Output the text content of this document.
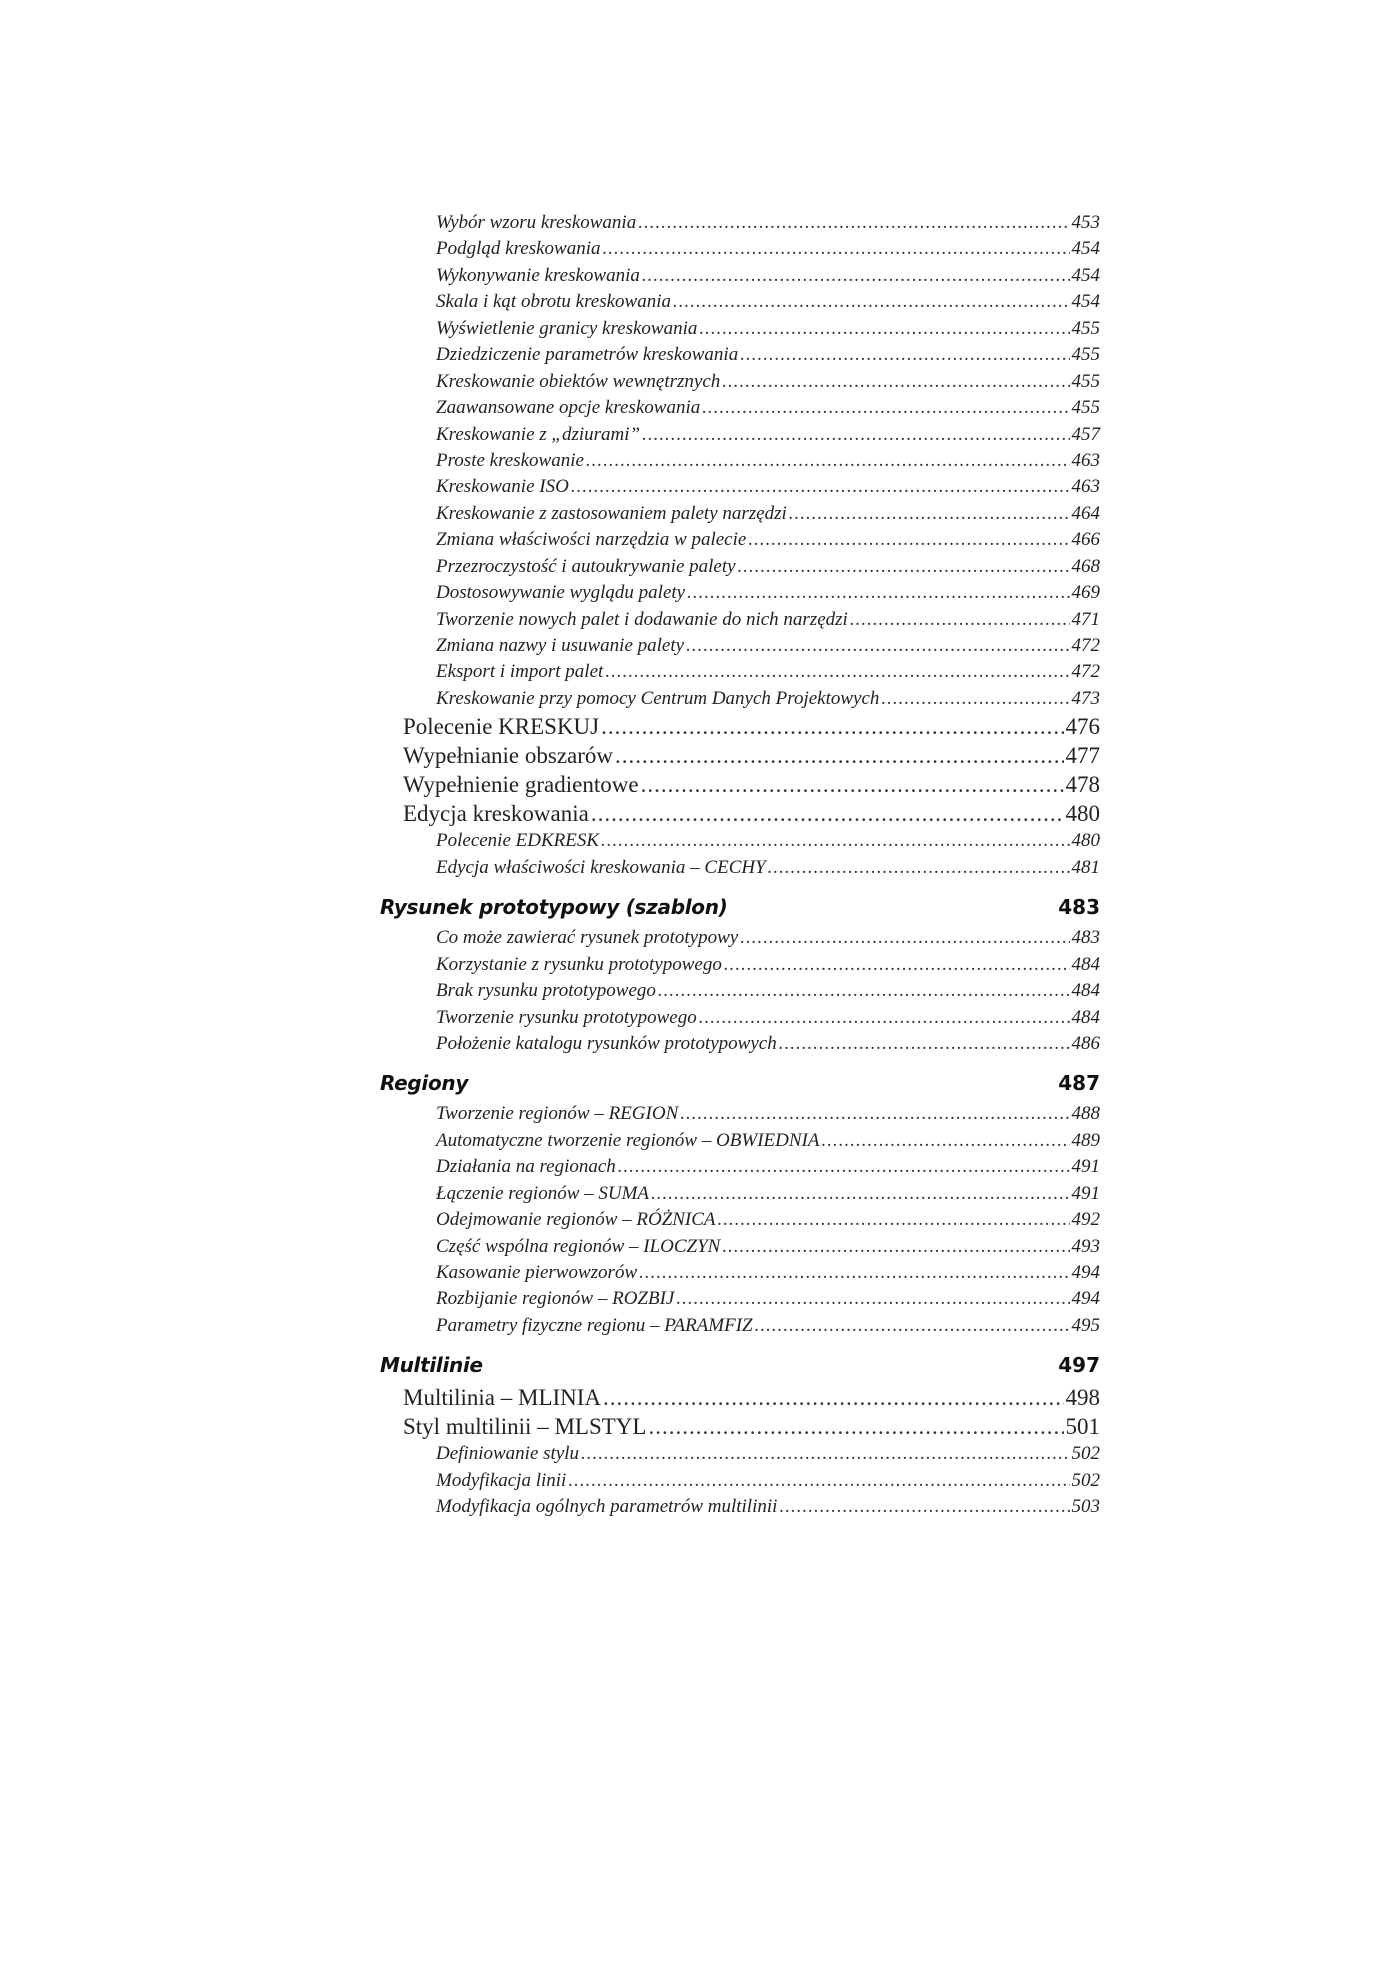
Wybór wzoru kreskowania .....	453
Podgląd kreskowania .....	454
Wykonywanie kreskowania .....	454
Skala i kąt obrotu kreskowania .....	454
Wyświetlenie granicy kreskowania .....	455
Dziedziczenie parametrów kreskowania .....	455
Kreskowanie obiektów wewnętrznych .....	455
Zaawansowane opcje kreskowania .....	455
Kreskowanie z „dziurami” .....	457
Proste kreskowanie .....	463
Kreskowanie ISO .....	463
Kreskowanie z zastosowaniem palety narzędzi .....	464
Zmiana właściwości narzędzia w palecie .....	466
Przezroczystość i autoukrywanie palety .....	468
Dostosowywanie wyglądu palety .....	469
Tworzenie nowych palet i dodawanie do nich narzędzi .....	471
Zmiana nazwy i usuwanie palety .....	472
Eksport i import palet .....	472
Kreskowanie przy pomocy Centrum Danych Projektowych .....	473
Polecenie KRESKUJ .....	476
Wypełnianie obszarów .....	477
Wypełnienie gradientowe .....	478
Edycja kreskowania .....	480
Polecenie EDKRESK .....	480
Edycja właściwości kreskowania – CECHY .....	481
Rysunek prototypowy (szablon)	483
Co może zawierać rysunek prototypowy .....	483
Korzystanie z rysunku prototypowego .....	484
Brak rysunku prototypowego .....	484
Tworzenie rysunku prototypowego .....	484
Położenie katalogu rysunków prototypowych .....	486
Regiony	487
Tworzenie regionów – REGION .....	488
Automatyczne tworzenie regionów – OBWIEDNIA .....	489
Działania na regionach .....	491
Łączenie regionów – SUMA .....	491
Odejmowanie regionów – RÓŻNICA .....	492
Część wspólna regionów – ILOCZYN .....	493
Kasowanie pierwowzorów .....	494
Rozbijanie regionów – ROZBIJ .....	494
Parametry fizyczne regionu – PARAMFIZ .....	495
Multilinie	497
Multilinia – MLINIA .....	498
Styl multilinii – MLSTYL .....	501
Definiowanie stylu .....	502
Modyfikacja linii .....	502
Modyfikacja ogólnych parametrów multilinii .....	503
